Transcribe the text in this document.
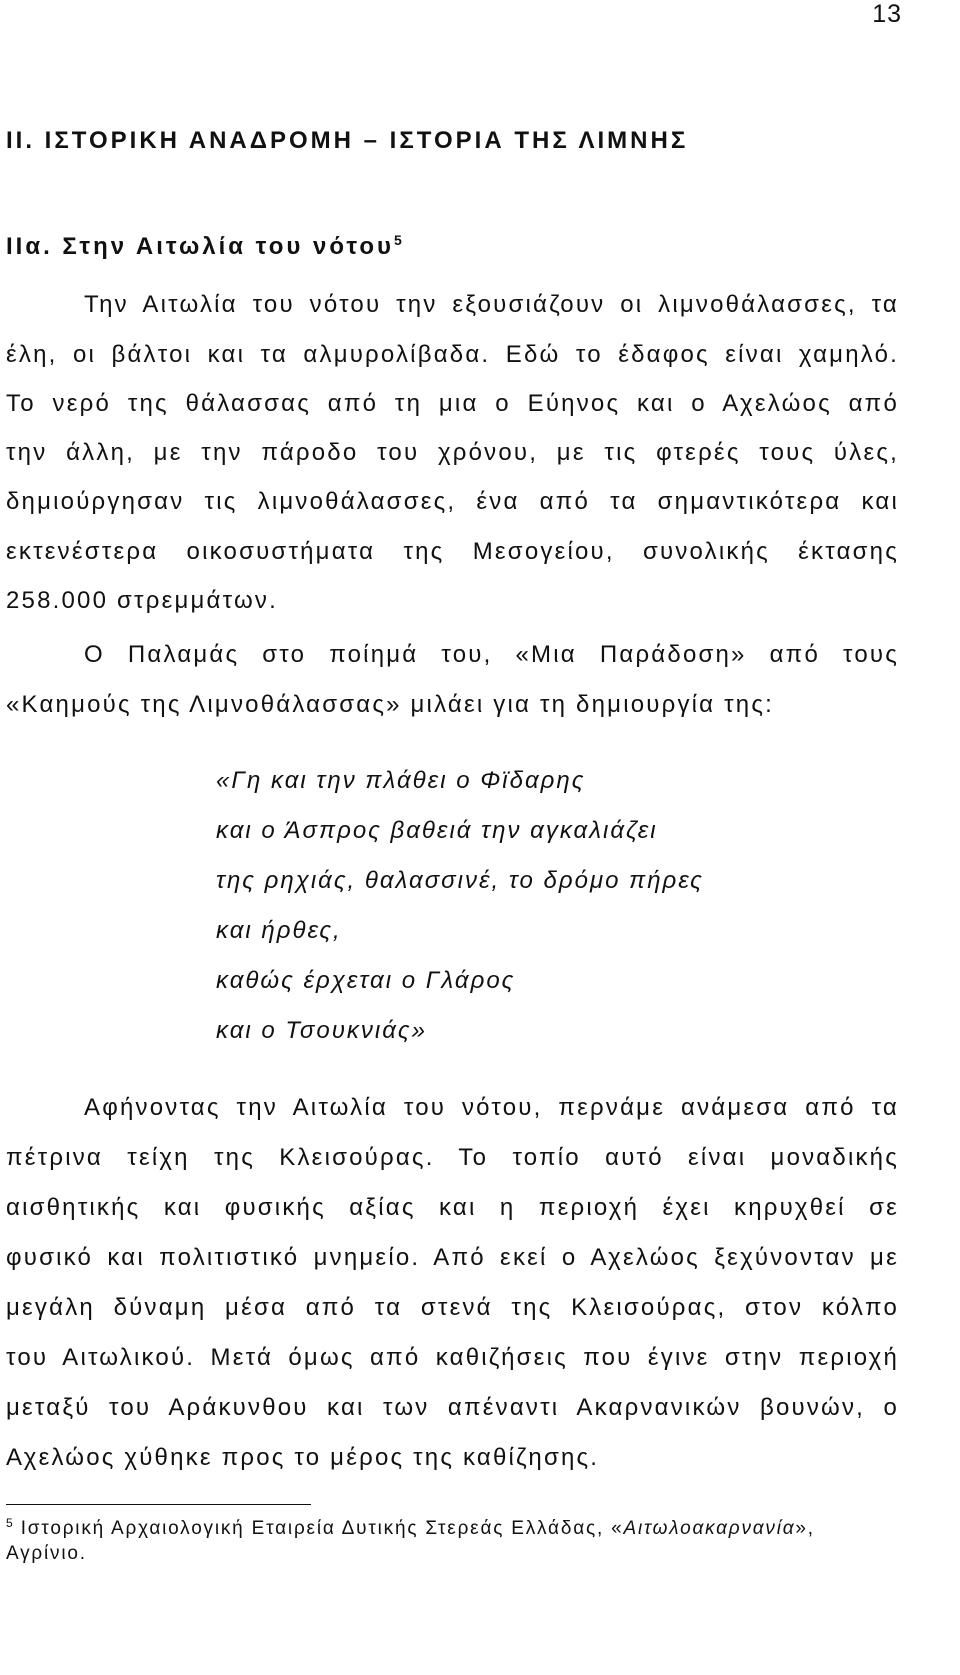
13

II. ΙΣΤΟΡΙΚΗ ΑΝΑΔΡΟΜΗ – ΙΣΤΟΡΙΑ ΤΗΣ ΛΙΜΝΗΣ

ΙΙα. Στην Αιτωλία του νότου$^5$

Την Αιτωλία του νότου την εξουσιάζουν οι λιμνοθάλασσες, τα

έλη, οι βάλτοι και τα αλμυρολίβαδα. Εδώ το έδαφος είναι χαμηλό.

Το νερό της θάλασσας από τη μια ο Εύηνος και ο Αχελώος από

την άλλη, με την πάροδο του χρόνου, με τις φτερές τους ύλες,

δημιούργησαν τις λιμνοθάλασσες, ένα από τα σημαντικότερα και

εκτενέστερα οικοσυστήματα της Μεσογείου, συνολικής έκτασης

258.000 στρεμμάτων.

Ο Παλαμάς στο ποίημά του, «Μια Παράδοση» από τους

«Καημούς της Λιμνοθάλασσας» μιλάει για τη δημιουργία της:

«Γη και την πλάθει ο Φϊδαρης

και ο Άσπρος βαθειά την αγκαλιάζει

της ρηχιάς, θαλασσινέ, το δρόμο πήρες

και ήρθες,

καθώς έρχεται ο Γλάρος

και ο Τσουκνιάς»

Αφήνοντας την Αιτωλία του νότου, περνάμε ανάμεσα από τα

πέτρινα τείχη της Κλεισούρας. Το τοπίο αυτό είναι μοναδικής

αισθητικής και φυσικής αξίας και η περιοχή έχει κηρυχθεί σε

φυσικό και πολιτιστικό μνημείο. Από εκεί ο Αχελώος ξεχύνονταν με

μεγάλη δύναμη μέσα από τα στενά της Κλεισούρας, στον κόλπο

του Αιτωλικού. Μετά όμως από καθιζήσεις που έγινε στην περιοχή

μεταξύ του Αράκυνθου και των απέναντι Ακαρνανικών βουνών, ο

Αχελώος χύθηκε προς το μέρος της καθίζησης.

$^5$ Ιστορική Αρχαιολογική Εταιρεία Δυτικής Στερεάς Ελλάδας, «Αιτωλοακαρνανία»,

Αγρίνιο.
